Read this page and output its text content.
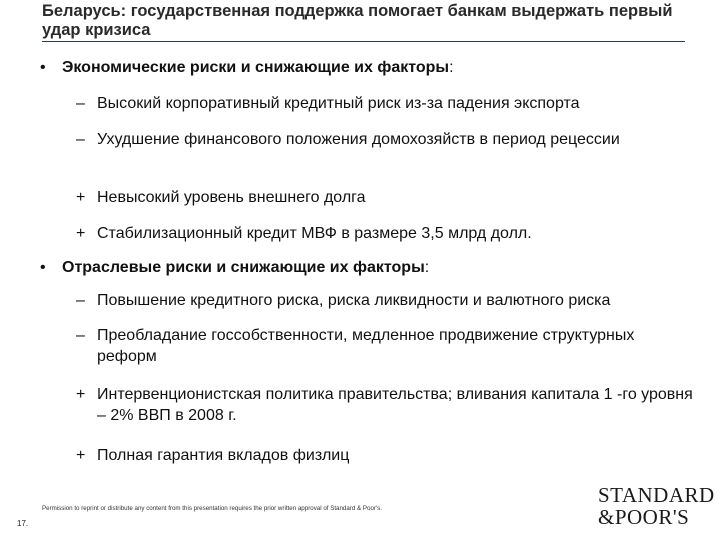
Беларусь: государственная поддержка помогает банкам выдержать первый удар кризиса
•	Экономические риски и снижающие их факторы:
– Высокий корпоративный кредитный риск из-за падения экспорта
– Ухудшение финансового положения домохозяйств в период рецессии
+ Невысокий уровень внешнего долга
+ Стабилизационный кредит МВФ в размере 3,5 млрд долл.
•	Отраслевые риски и снижающие их факторы:
– Повышение кредитного риска, риска ликвидности и валютного риска
– Преобладание госсобственности, медленное продвижение структурных реформ
+ Интервенционистская политика правительства; вливания капитала 1 -го уровня – 2% ВВП в 2008 г.
+ Полная гарантия вкладов физлиц
17.
Permission to reprint or distribute any content from this presentation requires the prior written approval of Standard & Poor's.
STANDARD
&POOR'S
